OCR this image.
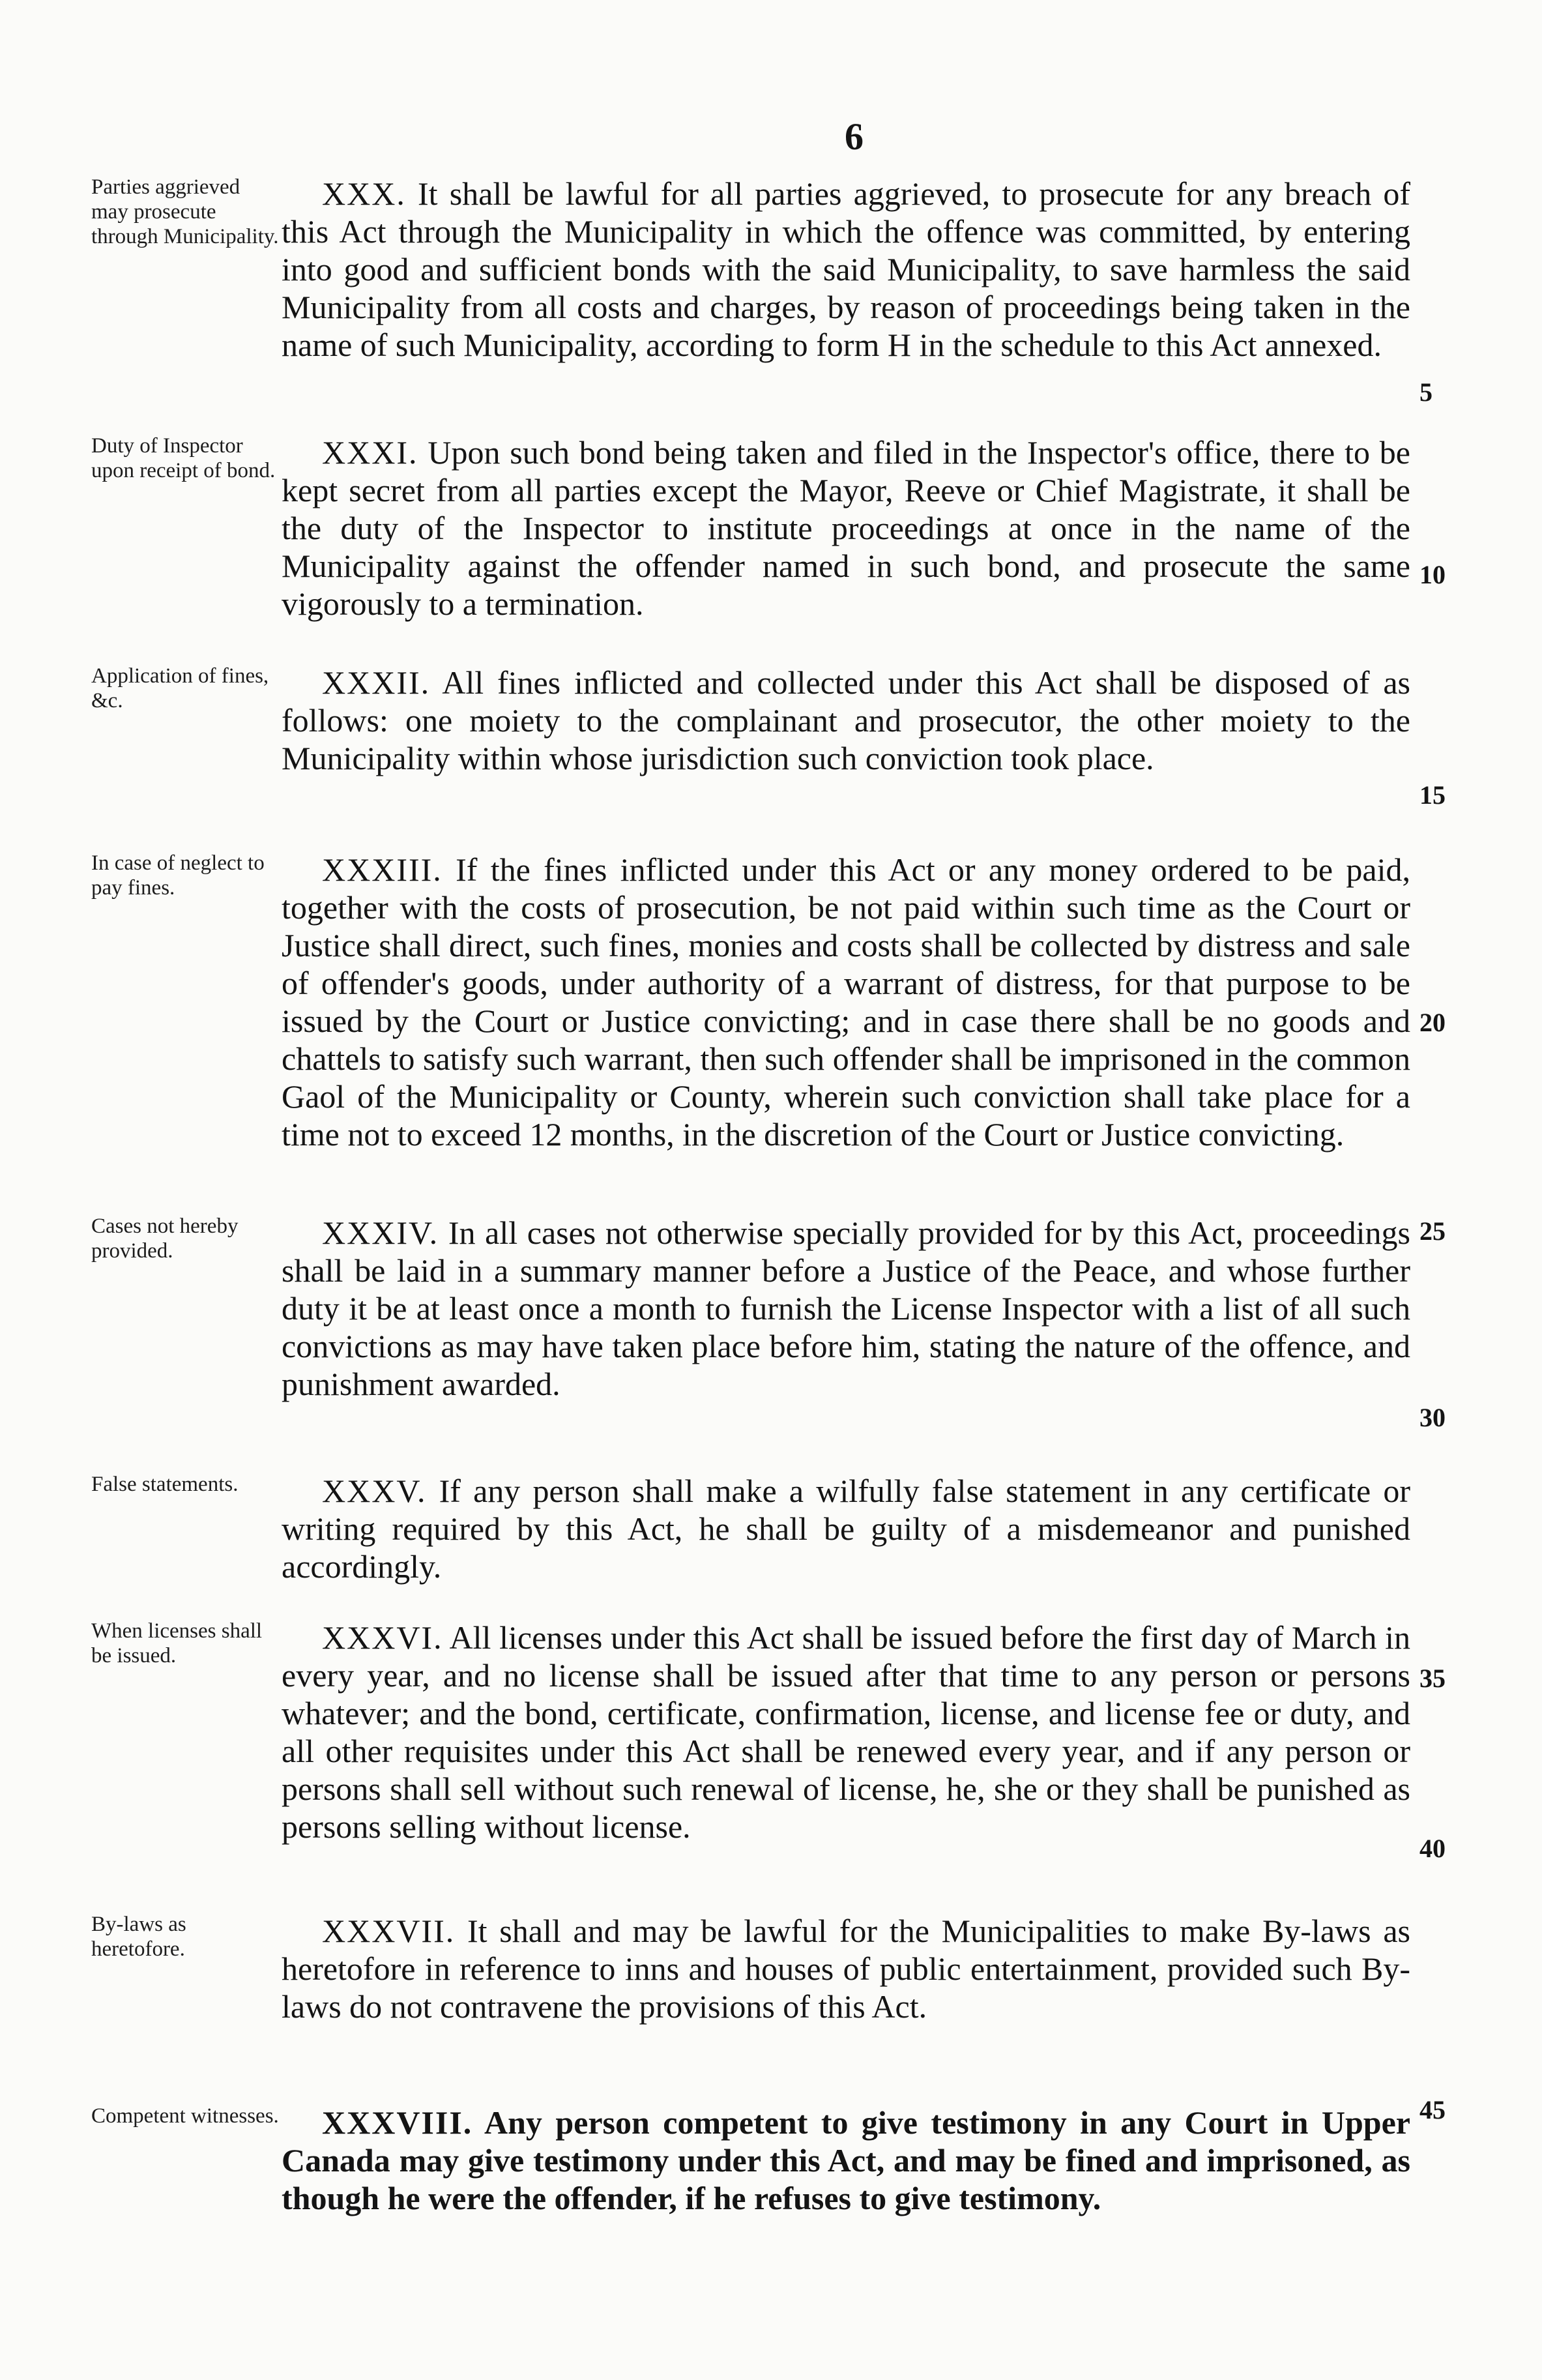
6
Parties aggrieved may prosecute through Municipality.
XXX. It shall be lawful for all parties aggrieved, to prosecute for any breach of this Act through the Municipality in which the offence was committed, by entering into good and sufficient bonds with the said Municipality, to save harmless the said Municipality from all costs and charges, by reason of proceedings being taken in the name of such Municipality, according to form H in the schedule to this Act annexed.
Duty of Inspector upon receipt of bond.	XXXI. Upon such bond being taken and filed in the Inspector's office, there to be kept secret from all parties except the Mayor, Reeve or Chief Magistrate, it shall be the duty of the Inspector to institute proceedings at once in the name of the Municipality against the offender named in such bond, and prosecute the same vigorously to a termination.
Application of fines, &c.	XXXII. All fines inflicted and collected under this Act shall be disposed of as follows: one moiety to the complainant and prosecutor, the other moiety to the Municipality within whose jurisdiction such conviction took place.
In case of neglect to pay fines.	XXXIII. If the fines inflicted under this Act or any money ordered to be paid, together with the costs of prosecution, be not paid within such time as the Court or Justice shall direct, such fines, monies and costs shall be collected by distress and sale of offender's goods, under authority of a warrant of distress, for that purpose to be issued by the Court or Justice convicting; and in case there shall be no goods and chattels to satisfy such warrant, then such offender shall be imprisoned in the common Gaol of the Municipality or County, wherein such conviction shall take place for a time not to exceed 12 months, in the discretion of the Court or Justice convicting.
Cases not hereby provided.	XXXIV. In all cases not otherwise specially provided for by this Act, proceedings shall be laid in a summary manner before a Justice of the Peace, and whose further duty it be at least once a month to furnish the License Inspector with a list of all such convictions as may have taken place before him, stating the nature of the offence, and punishment awarded.
False statements.	XXXV. If any person shall make a wilfully false statement in any certificate or writing required by this Act, he shall be guilty of a misdemeanor and punished accordingly.
When licenses shall be issued.	XXXVI. All licenses under this Act shall be issued before the first day of March in every year, and no license shall be issued after that time to any person or persons whatever; and the bond, certificate, confirmation, license, and license fee or duty, and all other requisites under this Act shall be renewed every year, and if any person or persons shall sell without such renewal of license, he, she or they shall be punished as persons selling without license.
By-laws as heretofore.	XXXVII. It shall and may be lawful for the Municipalities to make By-laws as heretofore in reference to inns and houses of public entertainment, provided such By-laws do not contravene the provisions of this Act.
Competent witnesses.	XXXVIII. Any person competent to give testimony in any Court in Upper Canada may give testimony under this Act, and may be fined and imprisoned, as though he were the offender, if he refuses to give testimony.
5
10
15
20
25
30
35
40
45
